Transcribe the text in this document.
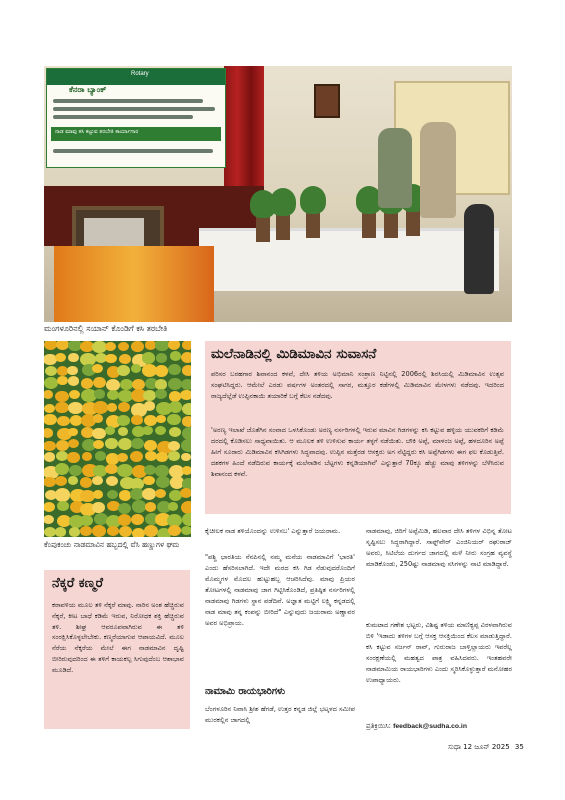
Rotary
ಕೆನರಾ ಬ್ಯಾಂಕ್
ನಾಡ ಮಾವು ಕಸಿ ಕಟ್ಟುವ ತರಬೇತಿ ಕಾರ್ಯಾಗಾರ
ಮಂಗಳೂರಿನಲ್ಲಿ ಸಯಾನ್‌ ಕೊಂಡಿಗೆ ಕಸಿ ತರಬೇತಿ
ಕೆಂಪುಕಂಚು ನಾಡಮಾವಿನ ಹಬ್ಬದಲ್ಲಿ ವೆಸಿ ಹಣ್ಣುಗಳ ಘಮ
ಮಲೆನಾಡಿನಲ್ಲಿ ಮಿಡಿಮಾವಿನ ಸುವಾಸನೆ
ಪರಿಸರ ಬರಹಗಾರ ಶಿವಾನಂದ ಕಳವೆ, ದೇಸಿ ತಳಿಯ ಅಭಿಮಾನಿ ಸಂಶ್ರಾಣ ನಿಟ್ಟಿನಲ್ಲಿ 2006ರಲ್ಲಿ ಶಿರಸಿಯಲ್ಲಿ ಮಿಡಿಮಾವಿನ ಉತ್ಸವ ಸಂಘಟಿಸಿದ್ದರು. ಆಮೇಲೆ ಎರಡು ವರ್ಷಗಳ ಅಂತರದಲ್ಲಿ ಸಾಗರ, ಮತ್ತೂರ ಕಡೆಗಳಲ್ಲಿ ಮಿಡಿಮಾವಿನ ಮೇಳಗಳು ನಡೆದವು. ಇದರಿಂದ ರಾಜ್ಯದೆಲ್ಲೆಡೆ ಉಪ್ಪಿನಕಾಯಿ ತಯಾರಿಕೆ ಬಗ್ಗೆ ಕೆಲಸ ನಡೆದವು.
'ಅರಣ್ಯ ಇಲಾಖೆ ಜೊತೆಗಿನ ಸಂವಾದ ಒಳಸಿಕೊಂಡು ಅರಣ್ಯ ನರ್ಸರಿಗಳಲ್ಲಿ ಇರುವ ಮಾವಿನ ಗಿಡಗಳನ್ನು ಕಸಿ ಕಟ್ಟುವ ಹಳ್ಳಿಯ ಯುವಕರಿಗೆ ಕಡಿಮೆ ದರದಲ್ಲಿ ಕೊಡಿಸಲು ಸಾಧ್ಯವಾಯಿತು. ಆ ಮೂಲಕ ತಳಿ ಉಳಿಸುವ ಕಾರ್ಯ ತಳ್ಳಗೆ ನಡೆಯಿತು. ಬೌಕಿ ಅಪ್ಪೆ, ಮಾಳಂಜ ಅಪ್ಪೆ, ಹಳದೂರಿನ ಅಪ್ಪೆ ಹೀಗೆ ಸೂರಾರು ಮಿಡಿಮಾವಿನ ಕಸಿಗಿಡಗಳು ಸಿದ್ಧವಾದವು. ಉಪ್ಪಿನ ಮತ್ತೆರಡ ಆಸಕ್ತರು ಅಗ ನೆಟ್ಟಿದ್ದರು ಕಸಿ ಅಪ್ಪೆಗಿಡಗಳು ಈಗ ಫಲ ಕೊಡುತ್ತಿವೆ. ದಶಕಗಳ ಹಿಂದೆ ನಡೆದಿರುವ ಕಾರ್ಯಕ್ಕೆ ಮಲೆನಾಡಿನ ಬೆಟ್ಟಗಳು ಕನ್ನಡಿಯಾಗಿವೆ' ಎನ್ನುತ್ತಾರೆ 70ಕ್ಕೂ ಹೆಚ್ಚು ಮಾವು ತಳಿಗಳನ್ನು ಬೆಳೆಸಿರುವ ಶಿವಾನಂದ ಕಳವೆ.
ನೆಕ್ಕರೆ ಕಣ್ಮರೆ
ಕರಾವಳಿಯ ಮೂಲ ತಳಿ ನೆಕ್ಕರೆ ಮಾವು. ನಾರಿನ ಅಂಶ ಹೆಚ್ಚಿರುವ ನೆಕ್ಕರೆ, ಕೀಟ ಬಾಧೆ ಕಡಿಮೆ ಇರುವ, ನಿರೋಧಕ ಶಕ್ತಿ ಹೆಚ್ಚಿರುವ ತಳಿ. ಶೀಘ್ರ ಆವರೂಪವಾಗಿರುವ ಈ ತಳಿ ಸಂರಕ್ಷಿಸಿಕೊಳ್ಳಲೇಬೇಕು. ಕಣ್ಮರೆಯಾಗುವ ಆಪಾಯವಿದೆ. ಮೂಲ ನೆರೆಯ ನೆಕ್ಕರೆಯ ಮೇಲೆ ಈಗ ನಾಡಮಾವಿನ ದೃಷ್ಟಿ ಬೀರಿರುವುದರಿಂದ ಈ ತಳಿಗೆ ಕಾಯಕಲ್ಪ ಸಿಗುವುದೆಂಬ ಆಶಾಭಾವ ಮೂಡಿದೆ.
ಕೈಚೀಲಕ ನಾಡ ತಳಿಯೊಂದನ್ನು ಉಳಿಸಬ' ಎನ್ನುತ್ತಾರೆ ಜಯರಾಮ.
"ಪಶ್ಚಿ ಭಾರತಿಯ ನೆನಪಿನಲ್ಲಿ ನಮ್ಮ ಮನೆಯ ನಾಡಮಾವಿಗೆ 'ಭಾರತಿ' ಎಂದು ಹೆಸರಿಸಲಾಗಿದೆ. ಇದೇ ಮರದ ಕಸಿ ಗಿಡ ನೆಡುವುದರೊಂದಿಗೆ ಮೊಮ್ಮಗಳ ಮೊದಲ ಹುಟ್ಟುಹಬ್ಬ ಆಚರಿಸಿದೆವು. ಮಾವು ಪ್ರಿಯರ ತೋಟಗಳಲ್ಲಿ ನಾಡಮಾವು ಜಾಗ ಗಿಟ್ಟಿಸಿಕೊಂಡಿದೆ, ಪ್ರತಿಷ್ಠಿತ ನರ್ಸರಿಗಳಲ್ಲಿ ನಾಡಮಾವು ಗಿಡಗಳು ಸ್ಥಾನ ಪಡೆದಿವೆ. ಅಜ್ಞಾತ ಮಟ್ಟಿಗೆ ಲಕ್ಷ್ಮಿ ಕನ್ನಡದಲ್ಲಿ ನಾಡ ಮಾವು ತನ್ನ ಕಂಪನ್ನು ಬೀರಿದೆ" ಎನ್ನುವುದು ಜಯರಾಮ ಅಣ್ಣಾವರ ಅವರ ಅಭಿಪ್ರಾಯ.
ನಾಮಾಮಿ ರಾಯಭಾರಿಗಳು
ಬೆಂಗಳೂರಿನ ನಿವಾಸಿ ಶ್ರೀಶ ಹೆಗಡೆ, ಉತ್ತರ ಕನ್ನಡ ಜಿಲ್ಲೆ ಭಟ್ಕಳದ ಸಮೀಪ ಮುರಕಲ್ಲಿನ ಜಾಗದಲ್ಲಿ
ನಾಡಮಾವು, ಜಿರಿಗೆ ಅಪ್ಪೆಮಿಡಿ, ಹಲವಾರ ದೇಸಿ ತಳಿಗಳ ವಿಭಿನ್ನ ತೋಟ ಸೃಷ್ಟಿಸಲು ಸಿದ್ಧರಾಗಿದ್ದಾರೆ. ಸಾಫ್ಟ್‌ವೇರ್ ಎಂಜಿನಿಯರ್ ರಘುರಾಜ್ ಅವರು, ಸಿಟಿಲೆಯ ದುರ್ಗದ ಜಾಗದಲ್ಲಿ ಮಳೆ ನೀರು ಸಂಗ್ರಹ ವ್ಯವಸ್ಥೆ ಮಾಡಿಕೊಂಡು, 250ಷ್ಟು ನಾಡಮಾವು ಸಸಿಗಳನ್ನು ನಾಟಿ ಮಾಡಿದ್ದಾರೆ.
ಕುಮಟಾದ ಗಣೇಶ ಭಟ್ಟರು, ವಿಶಿಷ್ಟ ತಳಿಯ ಮಾಣಿಕ್ಯಪ್ಪ ವಿರಳವಾಗಿರುವ ಬಿಳಿ 'ಇಡಾದು ತಳಿಗಳ ಬಗ್ಗೆ ಆಸಕ್ತ ಆಸಕ್ತಿಯಿಂದ ಕೆಲಸ ಮಾಡುತ್ತಿದ್ದಾರೆ. ಕಸಿ ಕಟ್ಟುವ ಸರ್ಜನ್ ರಾವ್, ಗುರುರಾಜ ಬಾಳ್ತಿಲ್ಲಾಯರು ಇವರೆಲ್ಲ ಸಂರಕ್ಷಣೆಯಲ್ಲಿ ಮಹತ್ವದ ಪಾತ್ರ ವಹಿಸಿದವರು. ಇಂತಹವರೇ ನಾಡಮಾಮಿಯ ರಾಯಭಾರಿಗಳು ಎಂದು ಸ್ಮರಿಸಿಕೊಳ್ಳುತ್ತಾರೆ ಮನೋಹರ ಉಪಾಧ್ಯಾಯರು.
ಪ್ರತಿಕ್ರಿಯಿಸಿ: feedback@sudha.co.in
ಸುಧಾ 12 ಜೂನ್ 2025 35
